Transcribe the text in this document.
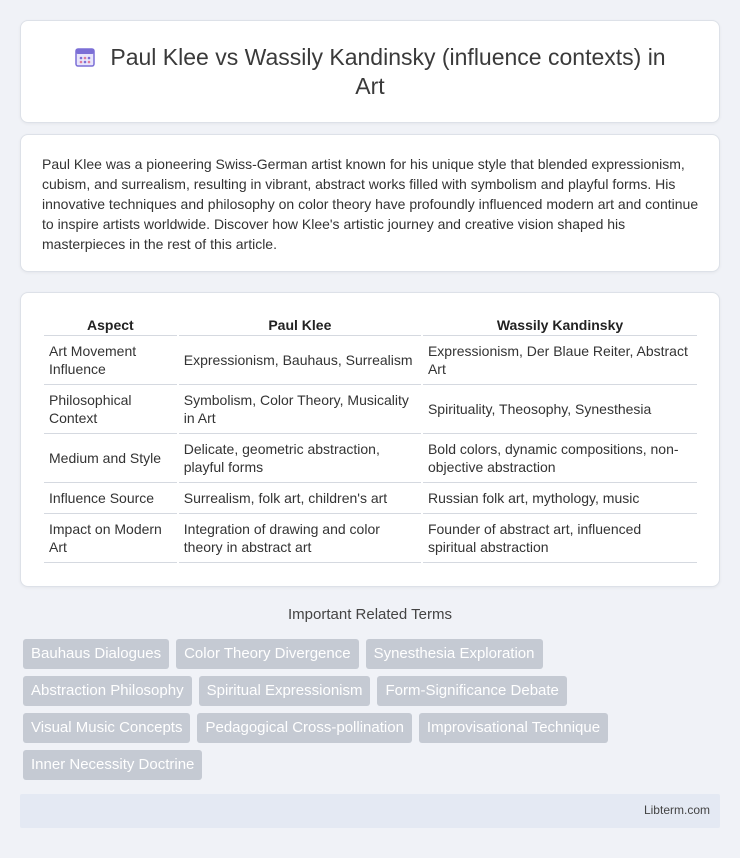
Paul Klee vs Wassily Kandinsky (influence contexts) in Art

Paul Klee was a pioneering Swiss-German artist known for his unique style that blended expressionism, cubism, and surrealism, resulting in vibrant, abstract works filled with symbolism and playful forms. His innovative techniques and philosophy on color theory have profoundly influenced modern art and continue to inspire artists worldwide. Discover how Klee's artistic journey and creative vision shaped his masterpieces in the rest of this article.

Aspect	Paul Klee	Wassily Kandinsky
Art Movement Influence	Expressionism, Bauhaus, Surrealism	Expressionism, Der Blaue Reiter, Abstract Art
Philosophical Context	Symbolism, Color Theory, Musicality in Art	Spirituality, Theosophy, Synesthesia
Medium and Style	Delicate, geometric abstraction, playful forms	Bold colors, dynamic compositions, non-objective abstraction
Influence Source	Surrealism, folk art, children's art	Russian folk art, mythology, music
Impact on Modern Art	Integration of drawing and color theory in abstract art	Founder of abstract art, influenced spiritual abstraction
Important Related Terms
Bauhaus Dialogues	Color Theory Divergence	Synesthesia Exploration
Abstraction Philosophy	Spiritual Expressionism	Form-Significance Debate
Visual Music Concepts	Pedagogical Cross-pollination	Improvisational Technique
Inner Necessity Doctrine
Libterm.com
